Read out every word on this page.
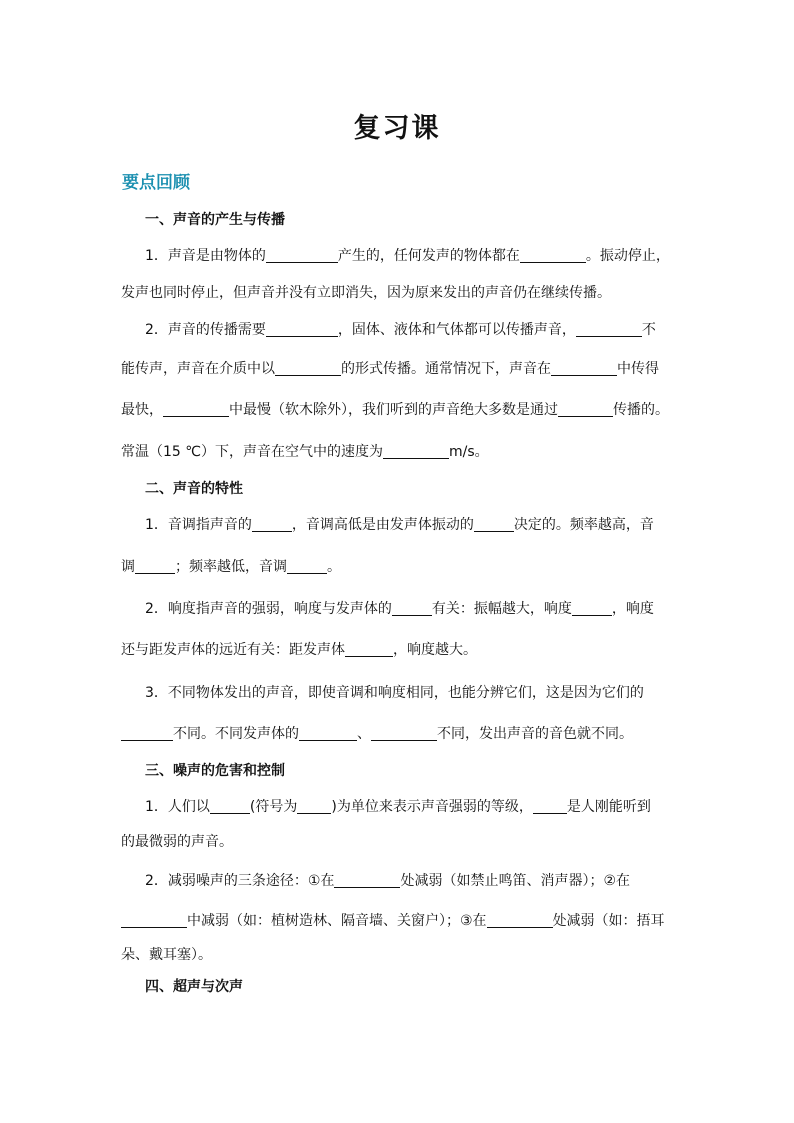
复习课
要点回顾
一、声音的产生与传播
1．声音是由物体的	产生的，任何发声的物体都在	。振动停止，
发声也同时停止，但声音并没有立即消失，因为原来发出的声音仍在继续传播。
2．声音的传播需要	，固体、液体和气体都可以传播声音，	不
能传声，声音在介质中以	的形式传播。通常情况下，声音在	中传得
最快，	中最慢（软木除外），我们听到的声音绝大多数是通过	传播的。
常温（15 ℃）下，声音在空气中的速度为	m/s。
二、声音的特性
1．音调指声音的	，音调高低是由发声体振动的	决定的。频率越高，音
调	；频率越低，音调	。
2．响度指声音的强弱，响度与发声体的	有关：振幅越大，响度	，响度
还与距发声体的远近有关：距发声体	，响度越大。
3．不同物体发出的声音，即使音调和响度相同，也能分辨它们，这是因为它们的
不同。不同发声体的	、	不同，发出声音的音色就不同。
三、噪声的危害和控制
1．人们以	(符号为 )为单位来表示声音强弱的等级， 是人刚能听到
的最微弱的声音。
2．减弱噪声的三条途径：①在	处减弱（如禁止鸣笛、消声器）；②在
中减弱（如：植树造林、隔音墙、关窗户）；③在	处减弱（如：捂耳
朵、戴耳塞）。
四、超声与次声
